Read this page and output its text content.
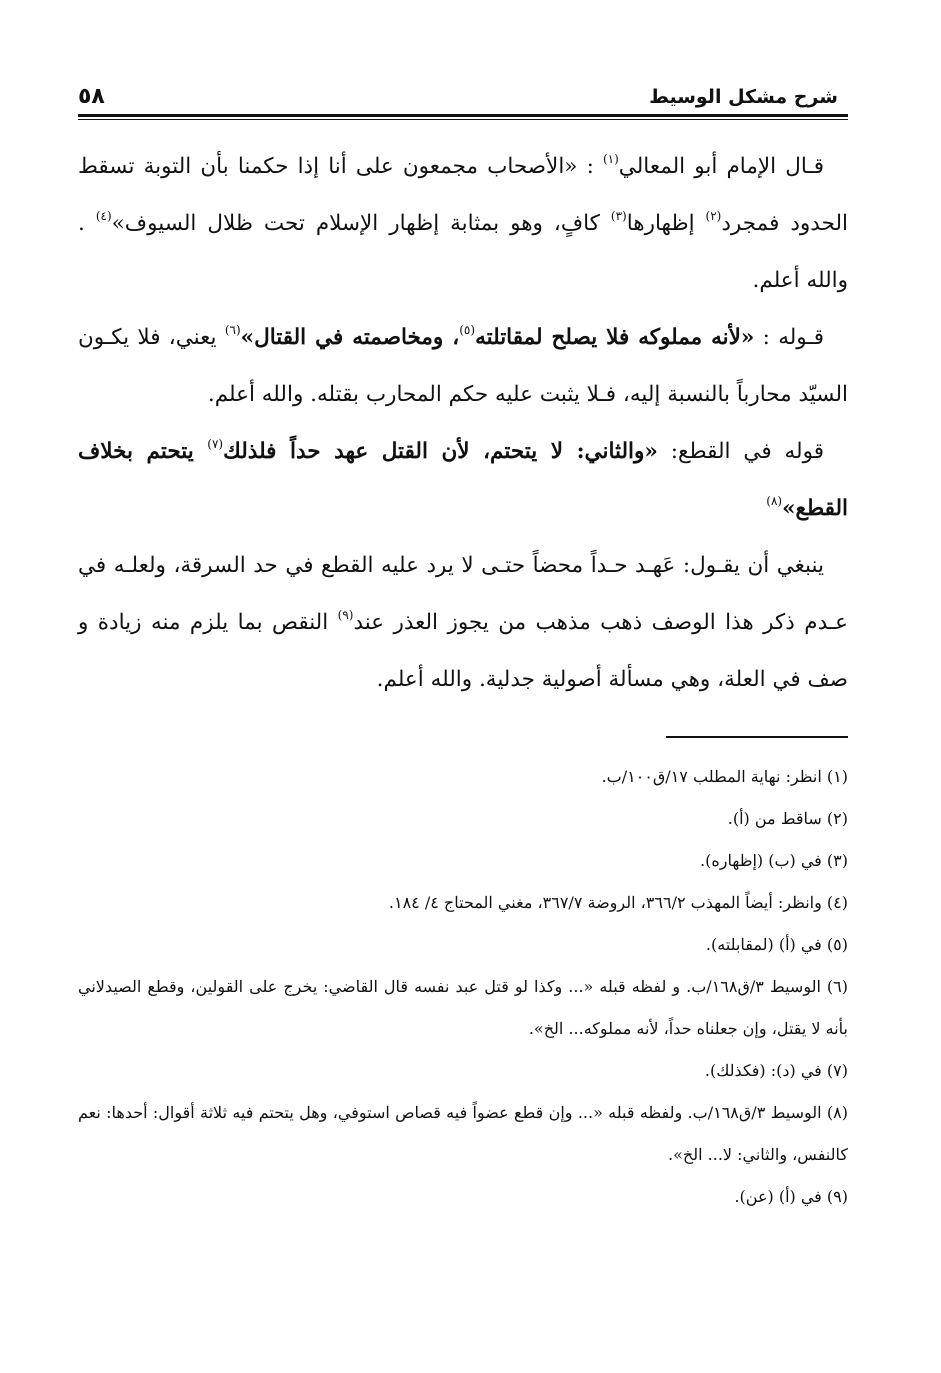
شرح مشكل الوسيط
٥٨

قـال الإمام أبو المعالي$^{(١)}$ : «الأصحاب مجمعون على أنا إذا حكمنا بأن التوبة تسقط الحدود فمجرد$^{(٢)}$ إظهارها$^{(٣)}$ كافٍ، وهو بمثابة إظهار الإسلام تحت ظلال السيوف»$^{(٤)}$ . والله أعلم.

قـوله : «لأنه مملوكه فلا يصلح لمقاتلته$^{(٥)}$، ومخاصمته في القتال»$^{(٦)}$ يعني، فلا يكـون السيّد محارباً بالنسبة إليه، فـلا يثبت عليه حكم المحارب بقتله. والله أعلم.

قوله في القطع: «والثاني: لا يتحتم، لأن القتل عهد حداً فلذلك$^{(٧)}$ يتحتم بخلاف القطع»$^{(٨)}$

ينبغي أن يقـول: عَهـد حـداً محضاً حتـى لا يرد عليه القطع في حد السرقة، ولعلـه في عـدم ذكر هذا الوصف ذهب مذهب من يجوز العذر عند$^{(٩)}$ النقص بما يلزم منه زيادة و صف في العلة، وهي مسألة أصولية جدلية. والله أعلم.

(١) انظر: نهاية المطلب ١٧/ق١٠٠/ب.

(٢) ساقط من (أ).

(٣) في (ب) (إظهاره).

(٤) وانظر: أيضاً المهذب ٣٦٦/٢، الروضة ٣٦٧/٧، مغني المحتاج ٤/ ١٨٤.

(٥) في (أ) (لمقابلته).

(٦) الوسيط ٣/ق١٦٨/ب. و لفظه قبله «... وكذا لو قتل عبد نفسه قال القاضي: يخرج على القولين، وقطع الصيدلاني بأنه لا يقتل، وإن جعلناه حداً، لأنه مملوكه... الخ».

(٧) في (د): (فكذلك).

(٨) الوسيط ٣/ق١٦٨/ب. ولفظه قبله «... وإن قطع عضواً فيه قصاص استوفي، وهل يتحتم فيه ثلاثة أقوال: أحدها: نعم كالنفس، والثاني: لا... الخ».

(٩) في (أ) (عن).
